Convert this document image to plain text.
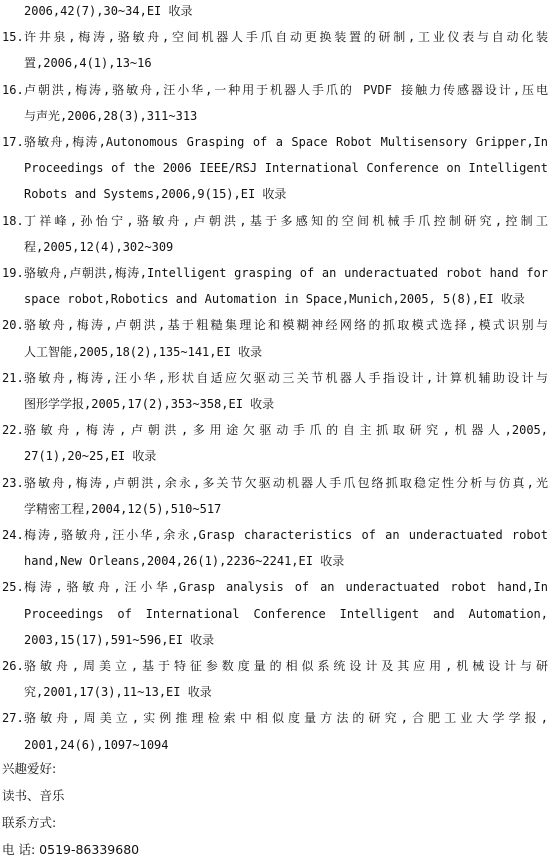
2006,42(7),30~34,EI 收录
15. 许井泉,梅涛,骆敏舟,空间机器人手爪自动更换装置的研制,工业仪表与自动化装
置,2006,4(1),13~16
16. 卢朝洪,梅涛,骆敏舟,汪小华,一种用于机器人手爪的 PVDF 接触力传感器设计,压电
与声光,2006,28(3),311~313
17. 骆敏舟,梅涛,Autonomous Grasping of a Space Robot Multisensory Gripper,In
Proceedings of the 2006 IEEE/RSJ International Conference on Intelligent
Robots and Systems,2006,9(15),EI 收录
18. 丁祥峰,孙怡宁,骆敏舟,卢朝洪,基于多感知的空间机械手爪控制研究,控制工
程,2005,12(4),302~309
19. 骆敏舟,卢朝洪,梅涛,Intelligent grasping of an underactuated robot hand for
space robot,Robotics and Automation in Space,Munich,2005, 5(8),EI 收录
20. 骆敏舟,梅涛,卢朝洪,基于粗糙集理论和模糊神经网络的抓取模式选择,模式识别与
人工智能,2005,18(2),135~141,EI 收录
21. 骆敏舟,梅涛,汪小华,形状自适应欠驱动三关节机器人手指设计,计算机辅助设计与
图形学学报,2005,17(2),353~358,EI 收录
22. 骆敏舟,梅涛,卢朝洪,多用途欠驱动手爪的自主抓取研究,机器人,2005,
27(1),20~25,EI 收录
23. 骆敏舟,梅涛,卢朝洪,余永,多关节欠驱动机器人手爪包络抓取稳定性分析与仿真,光
学精密工程,2004,12(5),510~517
24. 梅涛,骆敏舟,汪小华,余永,Grasp characteristics of an underactuated robot
hand,New Orleans,2004,26(1),2236~2241,EI 收录
25. 梅涛,骆敏舟,汪小华,Grasp analysis of an underactuated robot hand,In
Proceedings of International Conference Intelligent and Automation,
2003,15(17),591~596,EI 收录
26. 骆敏舟,周美立,基于特征参数度量的相似系统设计及其应用,机械设计与研
究,2001,17(3),11~13,EI 收录
27. 骆敏舟,周美立,实例推理检索中相似度量方法的研究,合肥工业大学学报,
2001,24(6),1097~1094
兴趣爱好:
读书、音乐
联系方式:
电 话: 0519-86339680
